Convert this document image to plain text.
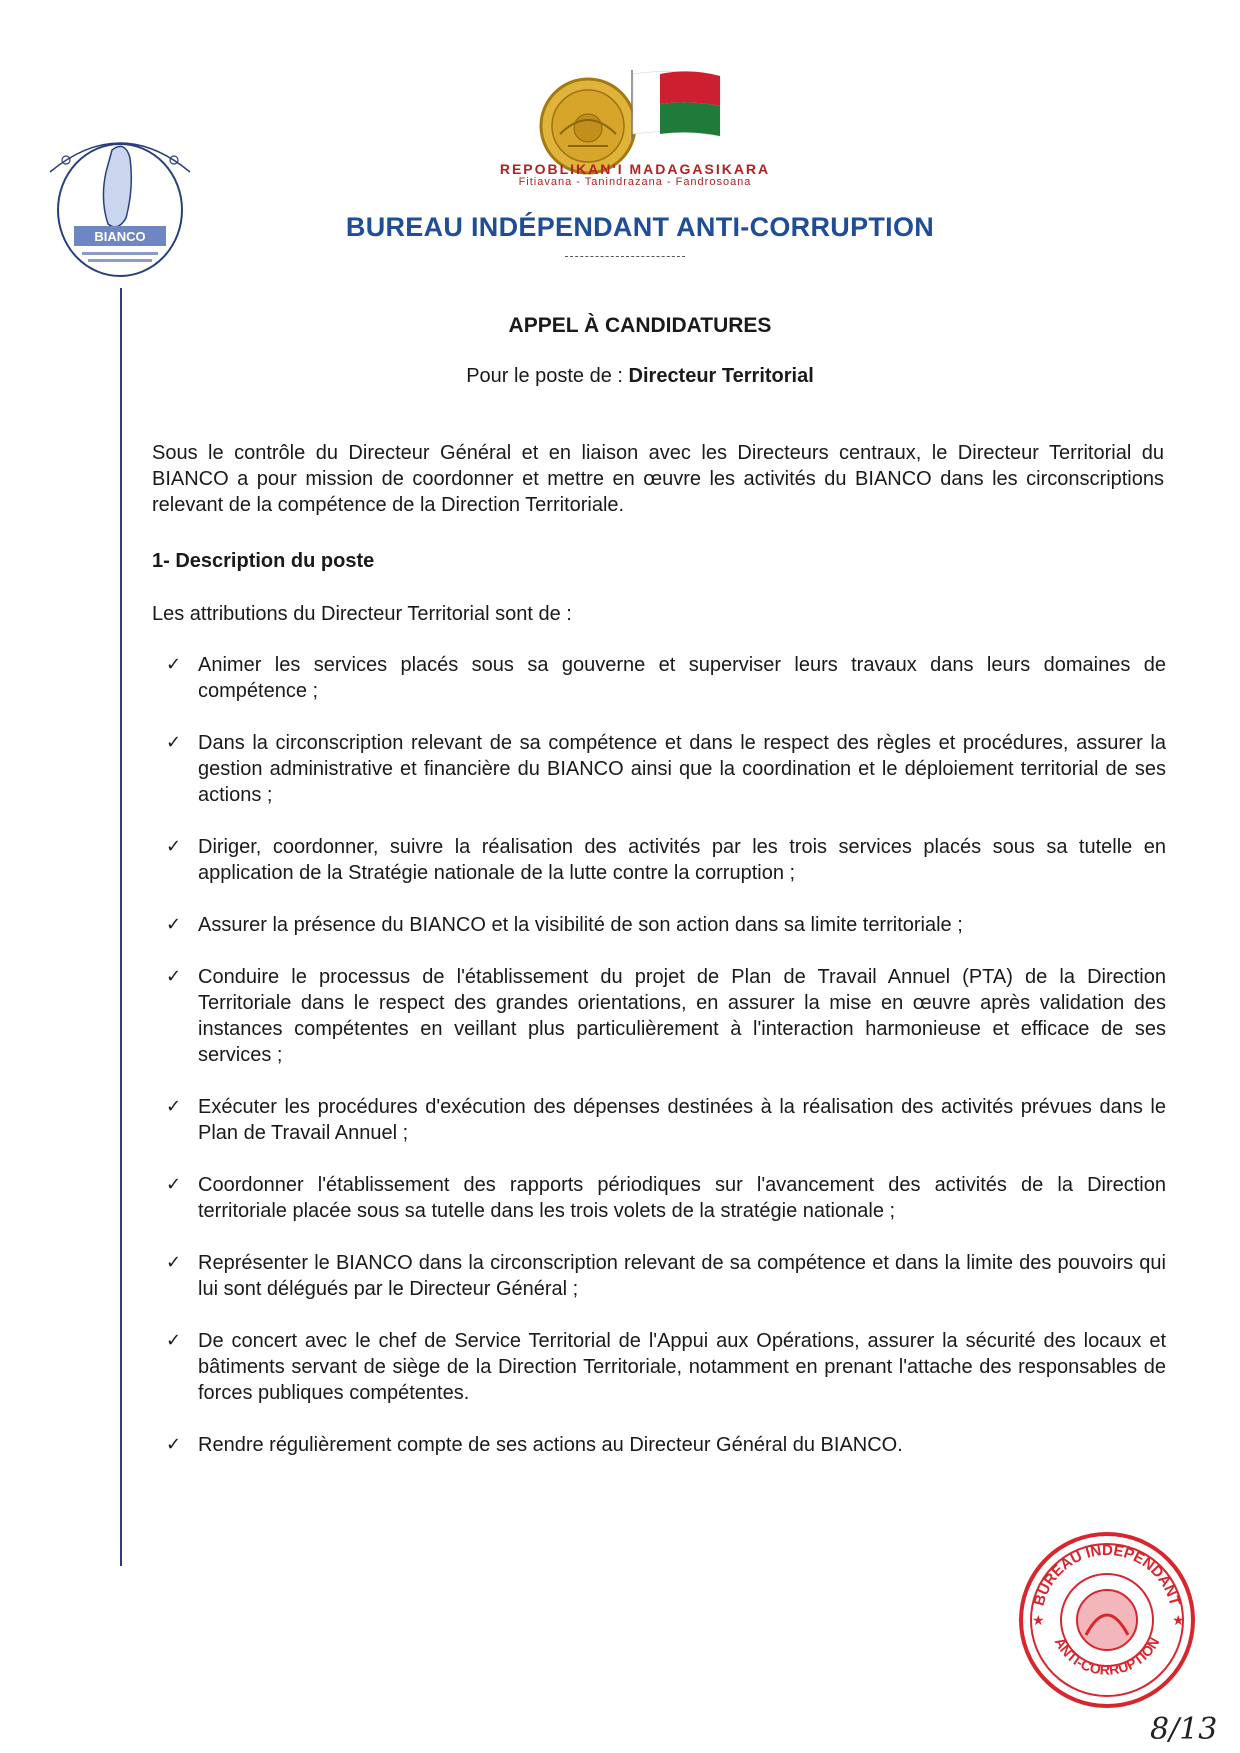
REPOBLIKAN'I MADAGASIKARA
Fitiavana - Tanindrazana - Fandrosoana
BIANCO	BUREAU INDÉPENDANT ANTI-CORRUPTION
APPEL À CANDIDATURES
Pour le poste de : Directeur Territorial

Sous le contrôle du Directeur Général et en liaison avec les Directeurs centraux, le Directeur Territorial du BIANCO a pour mission de coordonner et mettre en œuvre les activités du BIANCO dans les circonscriptions relevant de la compétence de la Direction Territoriale.

1- Description du poste
Les attributions du Directeur Territorial sont de :
✓ Animer les services placés sous sa gouverne et superviser leurs travaux dans leurs domaines de compétence ;
✓ Dans la circonscription relevant de sa compétence et dans le respect des règles et procédures, assurer la gestion administrative et financière du BIANCO ainsi que la coordination et le déploiement territorial de ses actions ;
✓ Diriger, coordonner, suivre la réalisation des activités par les trois services placés sous sa tutelle en application de la Stratégie nationale de la lutte contre la corruption ;
✓ Assurer la présence du BIANCO et la visibilité de son action dans sa limite territoriale ;
✓ Conduire le processus de l'établissement du projet de Plan de Travail Annuel (PTA) de la Direction Territoriale dans le respect des grandes orientations, en assurer la mise en œuvre après validation des instances compétentes en veillant plus particulièrement à l'interaction harmonieuse et efficace de ses services ;
✓ Exécuter les procédures d'exécution des dépenses destinées à la réalisation des activités prévues dans le Plan de Travail Annuel ;
✓ Coordonner l'établissement des rapports périodiques sur l'avancement des activités de la Direction territoriale placée sous sa tutelle dans les trois volets de la stratégie nationale ;
✓ Représenter le BIANCO dans la circonscription relevant de sa compétence et dans la limite des pouvoirs qui lui sont délégués par le Directeur Général ;
✓ De concert avec le chef de Service Territorial de l'Appui aux Opérations, assurer la sécurité des locaux et bâtiments servant de siège de la Direction Territoriale, notamment en prenant l'attache des responsables de forces publiques compétentes.
✓ Rendre régulièrement compte de ses actions au Directeur Général du BIANCO.
BUREAU INDEPENDANT
ANTI-CORRUPTION
★	★
8/13
